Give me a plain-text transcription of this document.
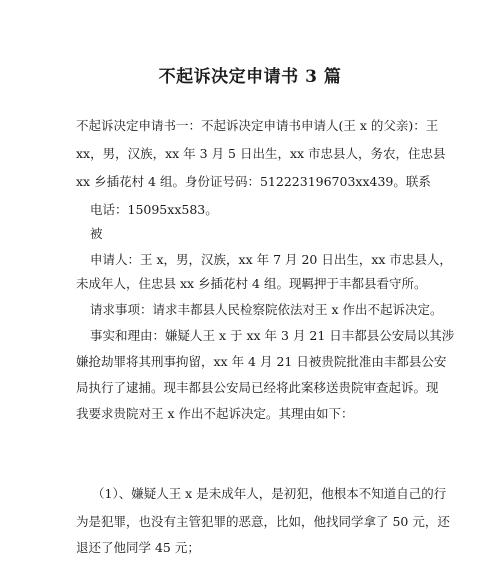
不起诉决定申请书 3 篇
不起诉决定申请书一：不起诉决定申请书申请人(王 x 的父亲)：王
xx，男，汉族，xx 年 3 月 5 日出生，xx 市忠县人，务农，住忠县
xx 乡插花村 4 组。身份证号码：512223196703xx439。联系
电话：15095xx583。
被
申请人：王 x，男，汉族，xx 年 7 月 20 日出生，xx 市忠县人，
未成年人，住忠县 xx 乡插花村 4 组。现羁押于丰都县看守所。
请求事项：请求丰都县人民检察院依法对王 x 作出不起诉决定。
事实和理由：嫌疑人王 x 于 xx 年 3 月 21 日丰都县公安局以其涉
嫌抢劫罪将其刑事拘留，xx 年 4 月 21 日被贵院批准由丰都县公安
局执行了逮捕。现丰都县公安局已经将此案移送贵院审查起诉。现
我要求贵院对王 x 作出不起诉决定。其理由如下：
（1）、嫌疑人王 x 是未成年人，是初犯，他根本不知道自己的行
为是犯罪，也没有主管犯罪的恶意，比如，他找同学拿了 50 元，还
退还了他同学 45 元；
